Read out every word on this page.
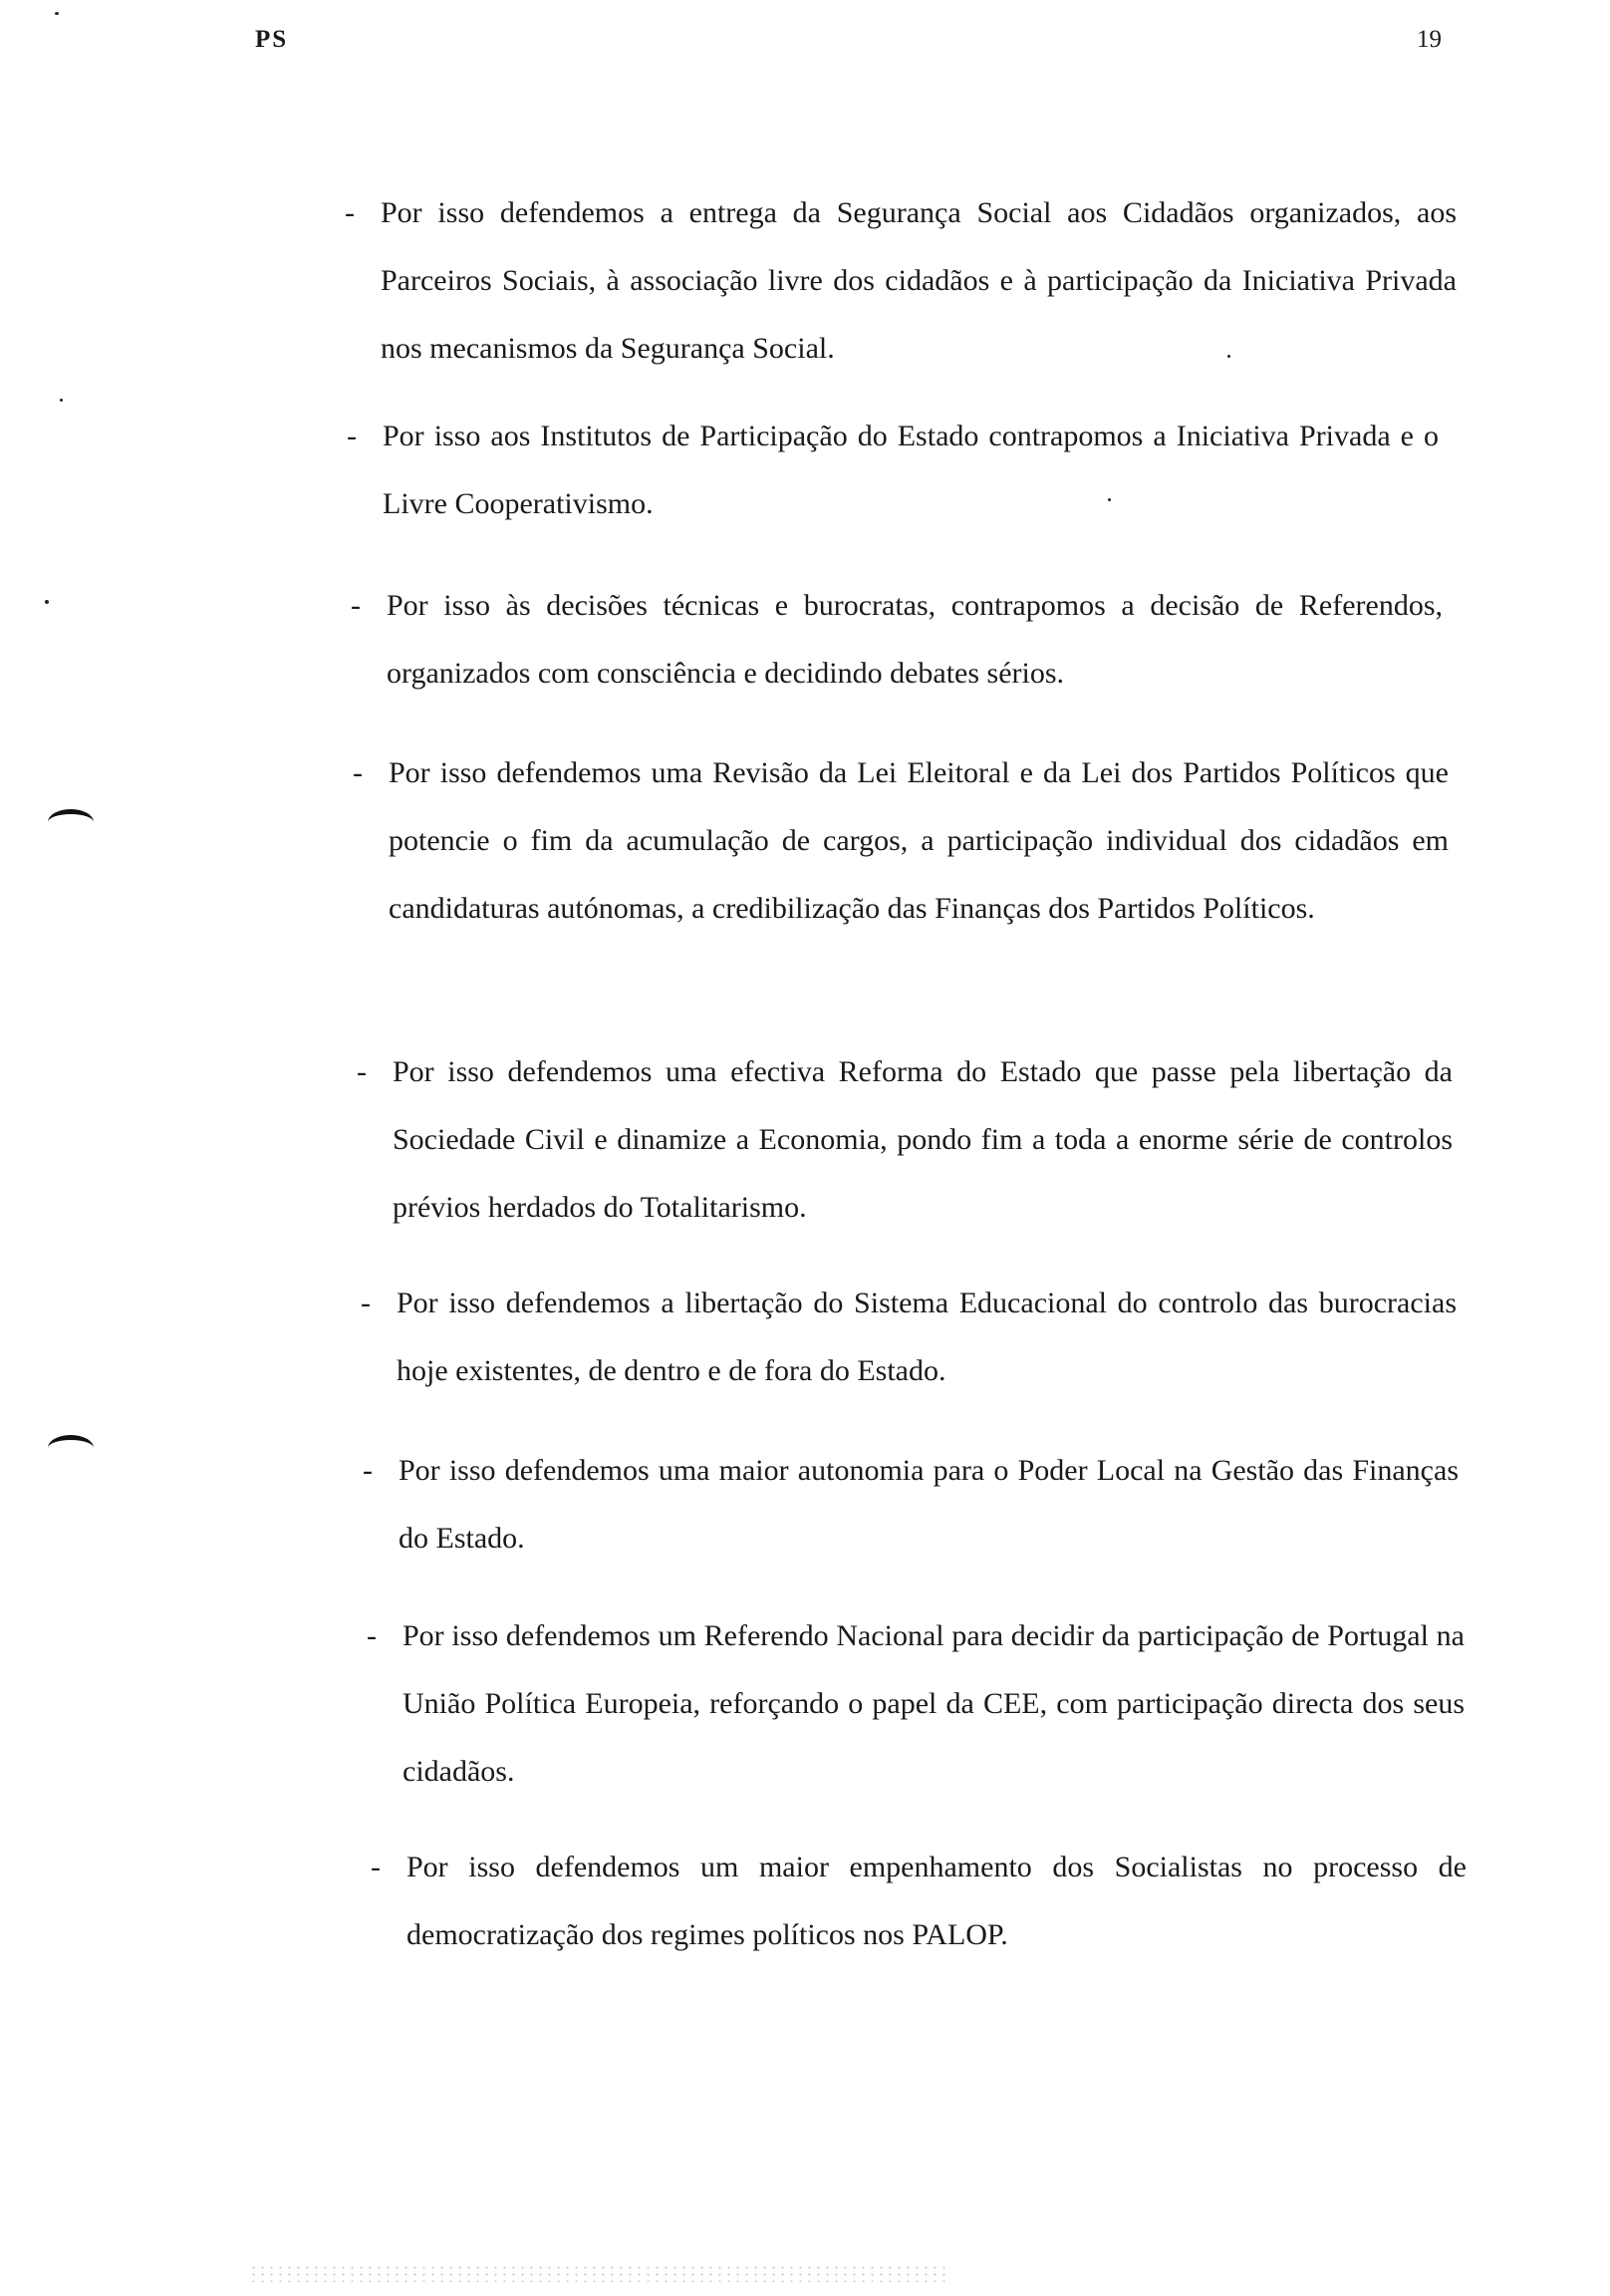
PS	19
- Por isso defendemos a entrega da Segurança Social aos Cidadãos organizados, aos Parceiros Sociais, à associação livre dos cidadãos e à participação da Iniciativa Privada nos mecanismos da Segurança Social.
- Por isso aos Institutos de Participação do Estado contrapomos a Iniciativa Privada e o Livre Cooperativismo.
- Por isso às decisões técnicas e burocratas, contrapomos a decisão de Referendos, organizados com consciência e decidindo debates sérios.
- Por isso defendemos uma Revisão da Lei Eleitoral e da Lei dos Partidos Políticos que potencie o fim da acumulação de cargos, a participação individual dos cidadãos em candidaturas autónomas, a credibilização das Finanças dos Partidos Políticos.
- Por isso defendemos uma efectiva Reforma do Estado que passe pela libertação da Sociedade Civil e dinamize a Economia, pondo fim a toda a enorme série de controlos prévios herdados do Totalitarismo.
- Por isso defendemos a libertação do Sistema Educacional do controlo das burocracias hoje existentes, de dentro e de fora do Estado.
- Por isso defendemos uma maior autonomia para o Poder Local na Gestão das Finanças do Estado.
- Por isso defendemos um Referendo Nacional para decidir da participação de Portugal na União Política Europeia, reforçando o papel da CEE, com participação directa dos seus cidadãos.
- Por isso defendemos um maior empenhamento dos Socialistas no processo de democratização dos regimes políticos nos PALOP.
